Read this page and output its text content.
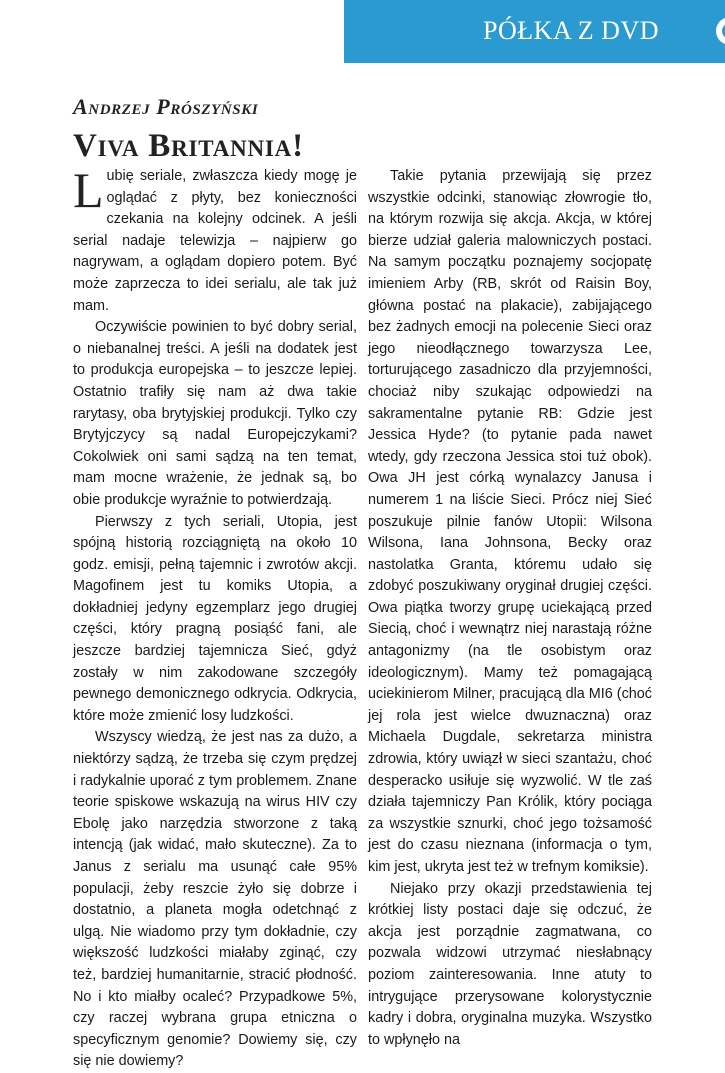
PÓŁKA Z DVD
Andrzej Prószyński
Viva Britannia!

Lubię seriale, zwłaszcza kiedy mogę je oglądać z płyty, bez konieczności czekania na kolejny odcinek. A jeśli serial nadaje telewizja – najpierw go nagrywam, a oglądam dopiero potem. Być może zaprzecza to idei serialu, ale tak już mam.

Oczywiście powinien to być dobry serial, o niebanalnej treści. A jeśli na dodatek jest to produkcja europejska – to jeszcze lepiej. Ostatnio trafiły się nam aż dwa takie rarytasy, oba brytyjskiej produkcji. Tylko czy Brytyjczycy są nadal Europejczykami? Cokolwiek oni sami sądzą na ten temat, mam mocne wrażenie, że jednak są, bo obie produkcje wyraźnie to potwierdzają.

Pierwszy z tych seriali, Utopia, jest spójną historią rozciągniętą na około 10 godz. emisji, pełną tajemnic i zwrotów akcji. Magofinem jest tu komiks Utopia, a dokładniej jedyny egzemplarz jego drugiej części, który pragną posiąść fani, ale jeszcze bardziej tajemnicza Sieć, gdyż zostały w nim zakodowane szczegóły pewnego demonicznego odkrycia. Odkrycia, które może zmienić losy ludzkości.

Wszyscy wiedzą, że jest nas za dużo, a niektórzy sądzą, że trzeba się czym prędzej i radykalnie uporać z tym problemem. Znane teorie spiskowe wskazują na wirus HIV czy Ebolę jako narzędzia stworzone z taką intencją (jak widać, mało skuteczne). Za to Janus z serialu ma usunąć całe 95% populacji, żeby reszcie żyło się dobrze i dostatnio, a planeta mogła odetchnąć z ulgą. Nie wiadomo przy tym dokładnie, czy większość ludzkości miałaby zginąć, czy też, bardziej humanitarnie, stracić płodność. No i kto miałby ocaleć? Przypadkowe 5%, czy raczej wybrana grupa etniczna o specyficznym genomie? Dowiemy się, czy się nie dowiemy?

Takie pytania przewijają się przez wszystkie odcinki, stanowiąc złowrogie tło, na którym rozwija się akcja. Akcja, w której bierze udział galeria malowniczych postaci. Na samym początku poznajemy socjopatę imieniem Arby (RB, skrót od Raisin Boy, główna postać na plakacie), zabijającego bez żadnych emocji na polecenie Sieci oraz jego nieodłącznego towarzysza Lee, torturującego zasadniczo dla przyjemności, chociaż niby szukając odpowiedzi na sakramentalne pytanie RB: Gdzie jest Jessica Hyde? (to pytanie pada nawet wtedy, gdy rzeczona Jessica stoi tuż obok). Owa JH jest córką wynalazcy Janusa i numerem 1 na liście Sieci. Prócz niej Sieć poszukuje pilnie fanów Utopii: Wilsona Wilsona, Iana Johnsona, Becky oraz nastolatka Granta, któremu udało się zdobyć poszukiwany oryginał drugiej części. Owa piątka tworzy grupę uciekającą przed Siecią, choć i wewnątrz niej narastają różne antagonizmy (na tle osobistym oraz ideologicznym). Mamy też pomagającą uciekinierom Milner, pracującą dla MI6 (choć jej rola jest wielce dwuznaczna) oraz Michaela Dugdale, sekretarza ministra zdrowia, który uwiązł w sieci szantażu, choć desperacko usiłuje się wyzwolić. W tle zaś działa tajemniczy Pan Królik, który pociąga za wszystkie sznurki, choć jego tożsamość jest do czasu nieznana (informacja o tym, kim jest, ukryta jest też w trefnym komiksie).

Niejako przy okazji przedstawienia tej krótkiej listy postaci daje się odczuć, że akcja jest porządnie zagmatwana, co pozwala widzowi utrzymać niesłabnący poziom zainteresowania. Inne atuty to intrygujące przerysowane kolorystycznie kadry i dobra, oryginalna muzyka. Wszystko to wpłynęło na
